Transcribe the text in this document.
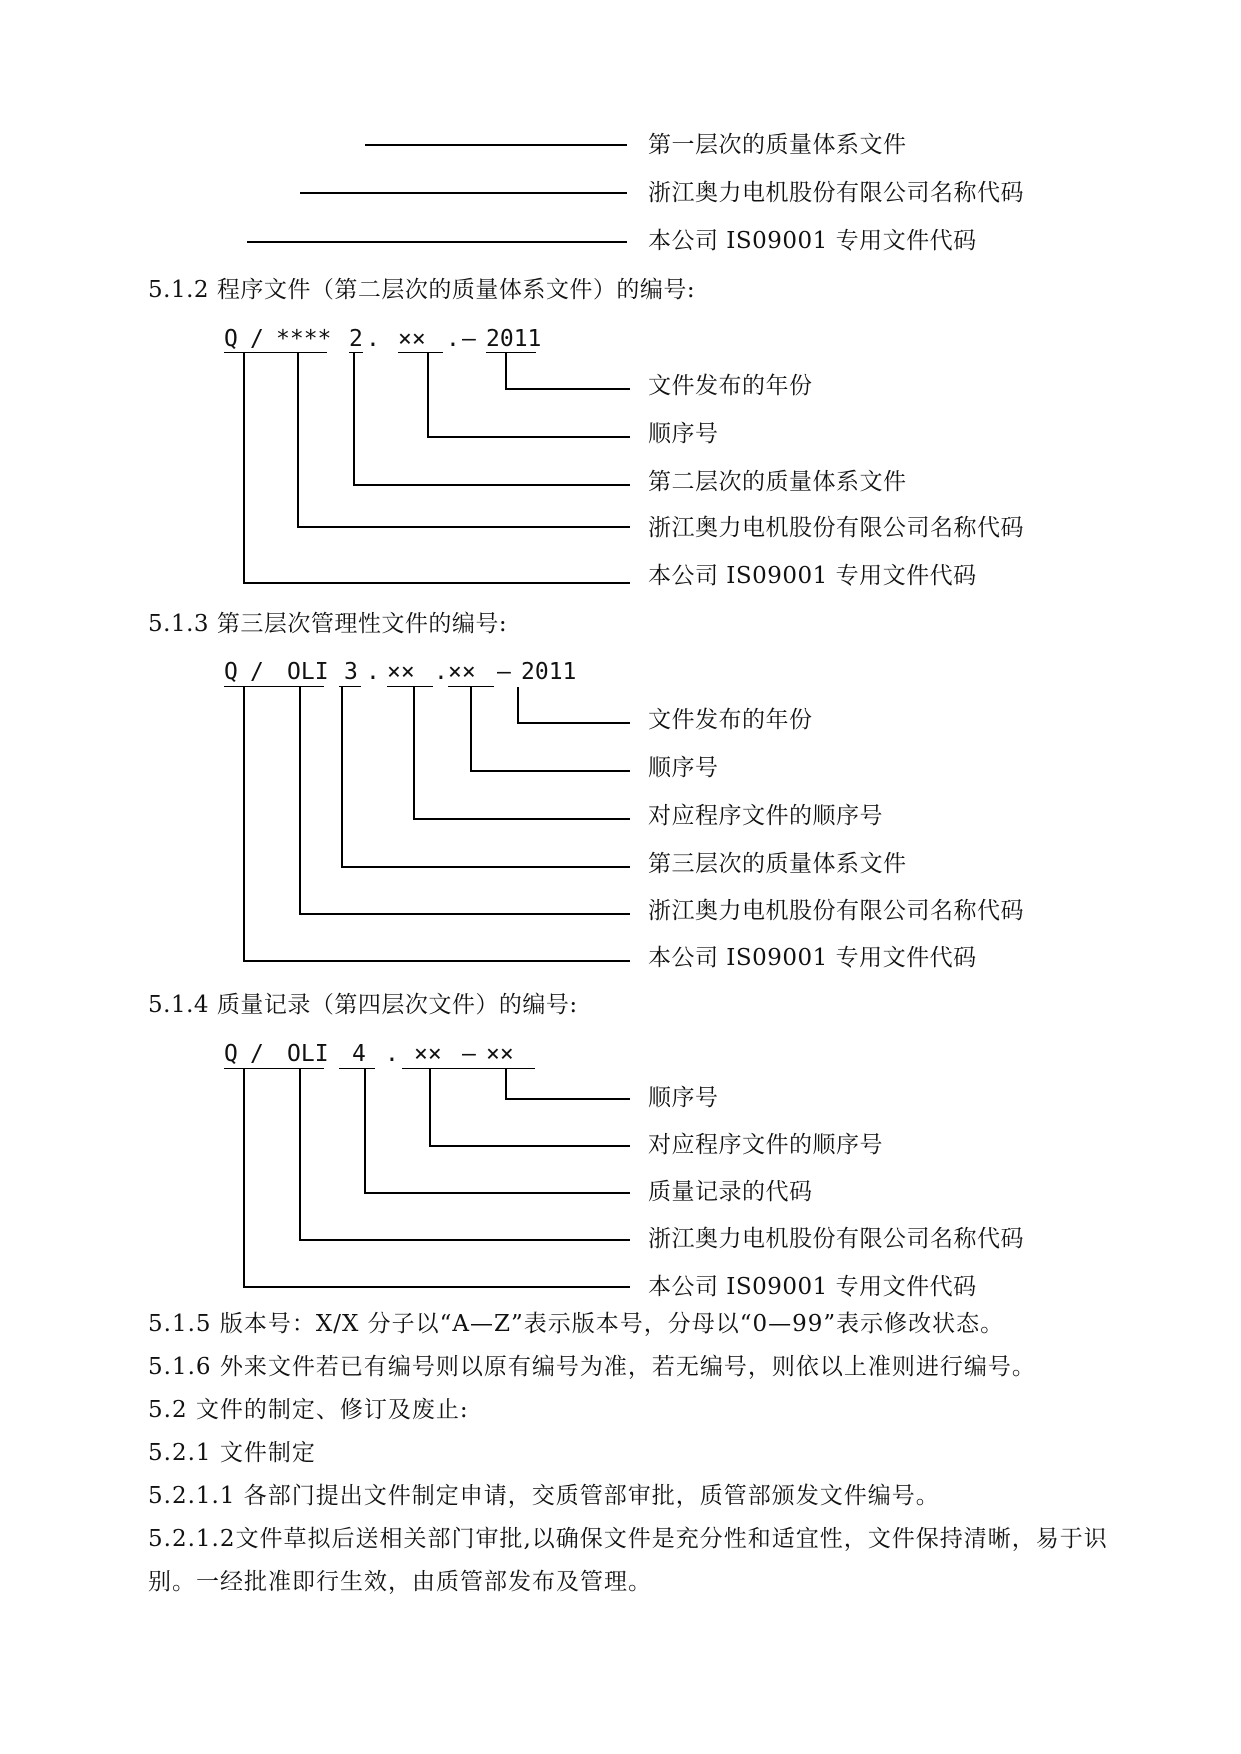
第一层次的质量体系文件
浙江奥力电机股份有限公司名称代码
本公司 IS09001 专用文件代码
5.1.2 程序文件（第二层次的质量体系文件）的编号:
Q / **** 2 . ×× . — 2011
文件发布的年份
顺序号
第二层次的质量体系文件
浙江奥力电机股份有限公司名称代码
本公司 IS09001 专用文件代码
5.1.3 第三层次管理性文件的编号:
Q / OLI 3 . ×× . ×× — 2011
文件发布的年份
顺序号
对应程序文件的顺序号
第三层次的质量体系文件
浙江奥力电机股份有限公司名称代码
本公司 IS09001 专用文件代码
5.1.4 质量记录（第四层次文件）的编号:
Q / OLI 4 . ×× — ××
顺序号
对应程序文件的顺序号
质量记录的代码
浙江奥力电机股份有限公司名称代码
本公司 IS09001 专用文件代码
5.1.5 版本号：X/X 分子以“A—Z”表示版本号，分母以“0—99”表示修改状态。
5.1.6 外来文件若已有编号则以原有编号为准，若无编号，则依以上准则进行编号。
5.2 文件的制定、修订及废止:
5.2.1 文件制定
5.2.1.1 各部门提出文件制定申请，交质管部审批，质管部颁发文件编号。
5.2.1.2文件草拟后送相关部门审批,以确保文件是充分性和适宜性，文件保持清晰，易于识别。一经批准即行生效，由质管部发布及管理。
